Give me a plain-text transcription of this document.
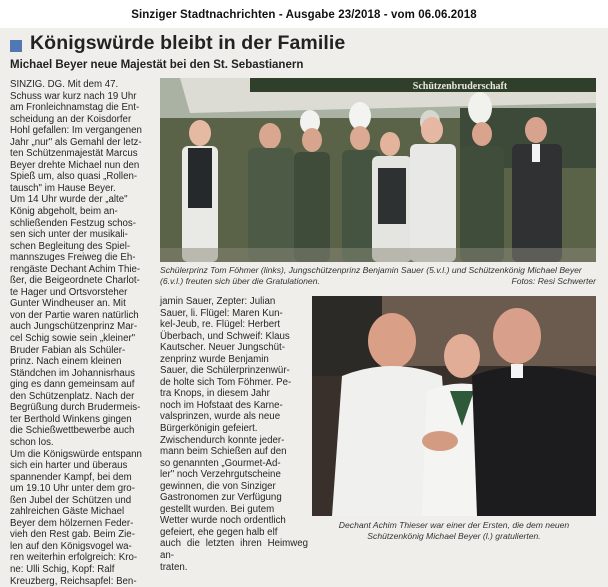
Sinziger Stadtnachrichten - Ausgabe 23/2018 - vom 06.06.2018
Königswürde bleibt in der Familie
Michael Beyer neue Majestät bei den St. Sebastianern
SINZIG. DG. Mit dem 47.
Schuss war kurz nach 19 Uhr
am Fronleichnamstag die Ent-
scheidung an der Koisdorfer
Hohl gefallen: Im vergangenen
Jahr „nur" als Gemahl der letz-
ten Schützenmajestät Marcus
Beyer drehte Michael nun den
Spieß um, also quasi „Rollen-
tausch" im Hause Beyer.
Um 14 Uhr wurde der „alte"
König abgeholt, beim an-
schließenden Festzug schos-
sen sich unter der musikali-
schen Begleitung des Spiel-
mannszuges Freiweg die Eh-
rengäste Dechant Achim Thie-
ßer, die Beigeordnete Charlot-
te Hager und Ortsvorsteher
Gunter Windheuser an. Mit
von der Partie waren natürlich
auch Jungschützenprinz Mar-
cel Schig sowie sein „kleiner"
Bruder Fabian als Schüler-
prinz. Nach einem kleinen
Ständchen im Johannisrhaus
ging es dann gemeinsam auf
den Schützenplatz. Nach der
Begrüßung durch Brudermeis-
ter Berthold Winkens gingen
die Schießwettbewerbe auch
schon los.
Um die Königswürde entspann
sich ein harter und überaus
spannender Kampf, bei dem
um 19.10 Uhr unter dem gro-
ßen Jubel der Schützen und
zahlreichen Gäste Michael
Beyer dem hölzernen Feder-
vieh den Rest gab. Beim Zie-
len auf den Königsvogel wa-
ren weiterhin erfolgreich: Kro-
ne: Ulli Schig, Kopf: Ralf
Kreuzberg, Reichsapfel: Ben-
jamin Sauer, Zepter: Julian
Sauer, li. Flügel: Maren Kun-
kel-Jeub, re. Flügel: Herbert
Überbach, und Schweif: Klaus
Kautscher. Neuer Jungschüt-
zenprinz wurde Benjamin
Sauer, die Schülerprinzenwür-
de holte sich Tom Föhmer. Pe-
tra Knops, in diesem Jahr
noch im Hofstaat des Karne-
valsprinzen, wurde als neue
Bürgerkönigin gefeiert.
Zwischendurch konnte jeder-
mann beim Schießen auf den
so genannten „Gourmet-Ad-
ler" noch Verzehrgutscheine
gewinnen, die von Sinziger
Gastronomen zur Verfügung
gestellt wurden. Bei gutem
Wetter wurde noch ordentlich
gefeiert, ehe gegen halb elf
auch die letzten ihren Heimweg an-
traten.
Schützenbruderschaft
Schülerprinz Tom Föhmer (links), Jungschützenprinz Benjamin Sauer (5.v.l.) und Schützenkönig Michael Beyer (6.v.l.) freuten sich über die Gratulationen.	Fotos: Resi Schwerter
Dechant Achim Thieser war einer der Ersten, die dem neuen Schützenkönig Michael Beyer (l.) gratulierten.
